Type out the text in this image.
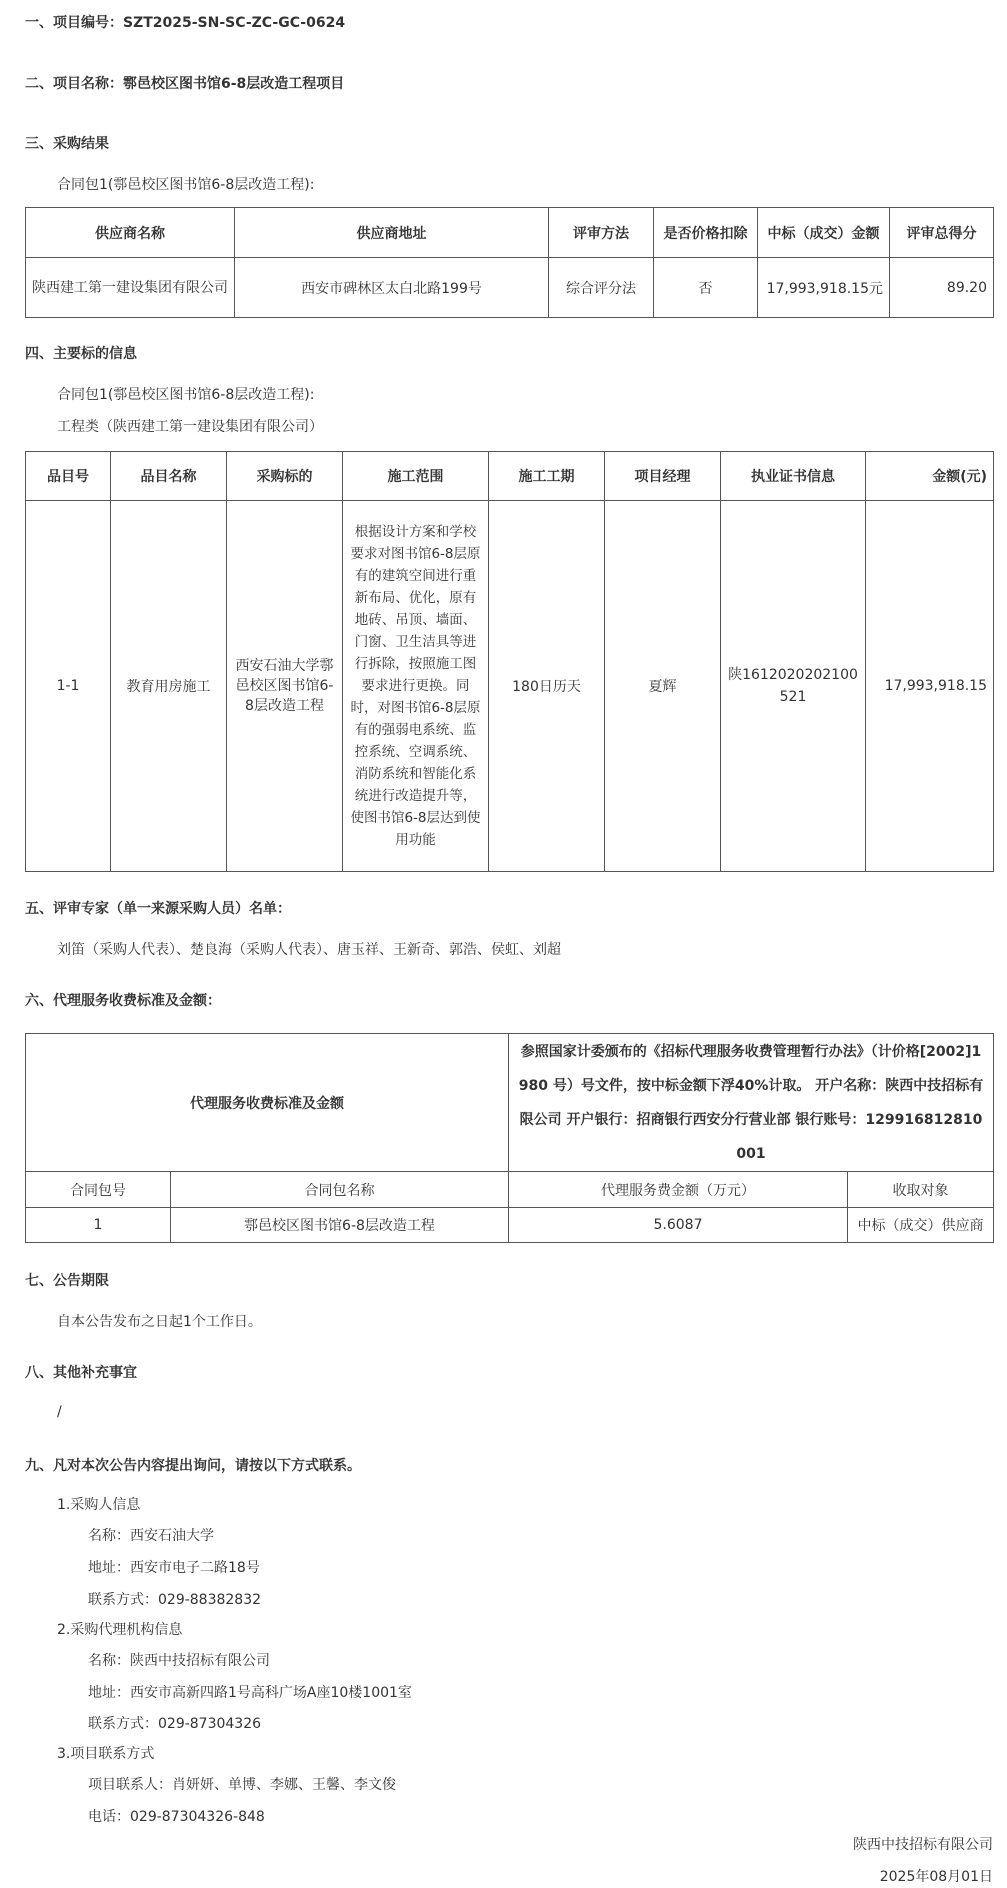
一、项目编号：SZT2025-SN-SC-ZC-GC-0624
二、项目名称：鄠邑校区图书馆6-8层改造工程项目
三、采购结果
合同包1(鄠邑校区图书馆6-8层改造工程):
供应商名称	供应商地址	评审方法	是否价格扣除	中标（成交）金额	评审总得分
陕西建工第一建设集团有限公司	西安市碑林区太白北路199号	综合评分法	否	17,993,918.15元	89.20
四、主要标的信息
合同包1(鄠邑校区图书馆6-8层改造工程):
工程类（陕西建工第一建设集团有限公司）
品目号	品目名称	采购标的	施工范围	施工工期	项目经理	执业证书信息	金额(元)
1-1	教育用房施工	西安石油大学鄠邑校区图书馆6-8层改造工程	根据设计方案和学校要求对图书馆6-8层原有的建筑空间进行重新布局、优化，原有地砖、吊顶、墙面、门窗、卫生洁具等进行拆除，按照施工图要求进行更换。同时，对图书馆6-8层原有的强弱电系统、监控系统、空调系统、消防系统和智能化系统进行改造提升等，使图书馆6-8层达到使用功能	180日历天	夏辉	陕1612020202100521	17,993,918.15
五、评审专家（单一来源采购人员）名单：
刘笛（采购人代表）、楚良海（采购人代表）、唐玉祥、王新奇、郭浩、侯虹、刘超
六、代理服务收费标准及金额：
代理服务收费标准及金额		参照国家计委颁布的《招标代理服务收费管理暂行办法》（计价格[2002]1980 号）号文件，按中标金额下浮40%计取。 开户名称：陕西中技招标有限公司 开户银行：招商银行西安分行营业部 银行账号：129916812810001	
合同包号	合同包名称	代理服务费金额（万元）	收取对象
1	鄠邑校区图书馆6-8层改造工程	5.6087	中标（成交）供应商
七、公告期限
自本公告发布之日起1个工作日。
八、其他补充事宜
/
九、凡对本次公告内容提出询问，请按以下方式联系。
1.采购人信息
名称：西安石油大学
地址：西安市电子二路18号
联系方式：029-88382832
2.采购代理机构信息
名称：陕西中技招标有限公司
地址：西安市高新四路1号高科广场A座10楼1001室
联系方式：029-87304326
3.项目联系方式
项目联系人：肖妍妍、单博、李娜、王馨、李文俊
电话：029-87304326-848
陕西中技招标有限公司
2025年08月01日
